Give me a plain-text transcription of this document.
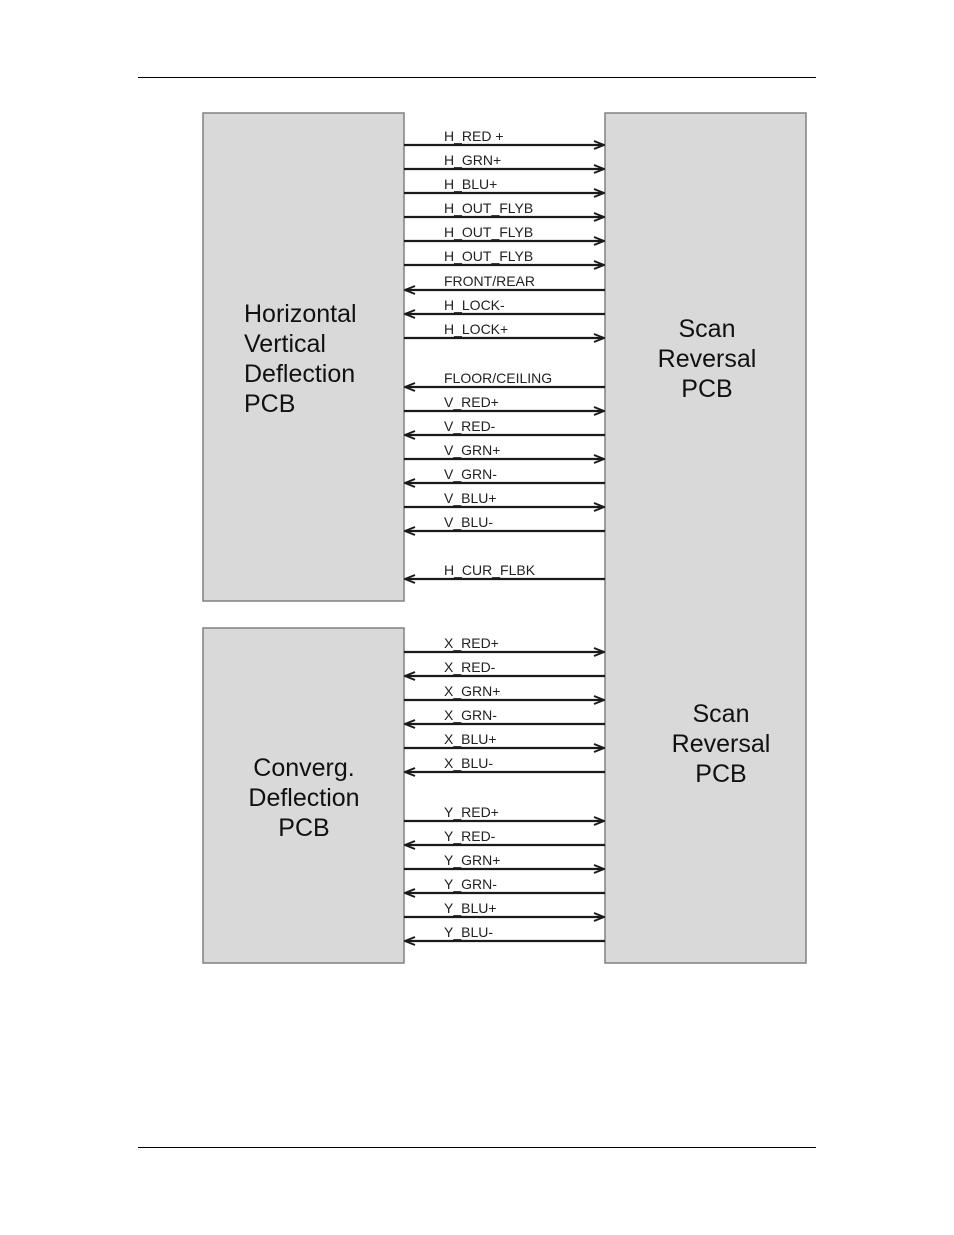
Horizontal Vertical Deflection PCB
Converg. Deflection PCB
Scan Reversal PCB
Scan Reversal PCB
H_RED +
H_GRN+
H_BLU+
H_OUT_FLYB
H_OUT_FLYB
H_OUT_FLYB
FRONT/REAR
H_LOCK-
H_LOCK+
FLOOR/CEILING
V_RED+
V_RED-
V_GRN+
V_GRN-
V_BLU+
V_BLU-
H_CUR_FLBK
X_RED+
X_RED-
X_GRN+
X_GRN-
X_BLU+
X_BLU-
Y_RED+
Y_RED-
Y_GRN+
Y_GRN-
Y_BLU+
Y_BLU-
